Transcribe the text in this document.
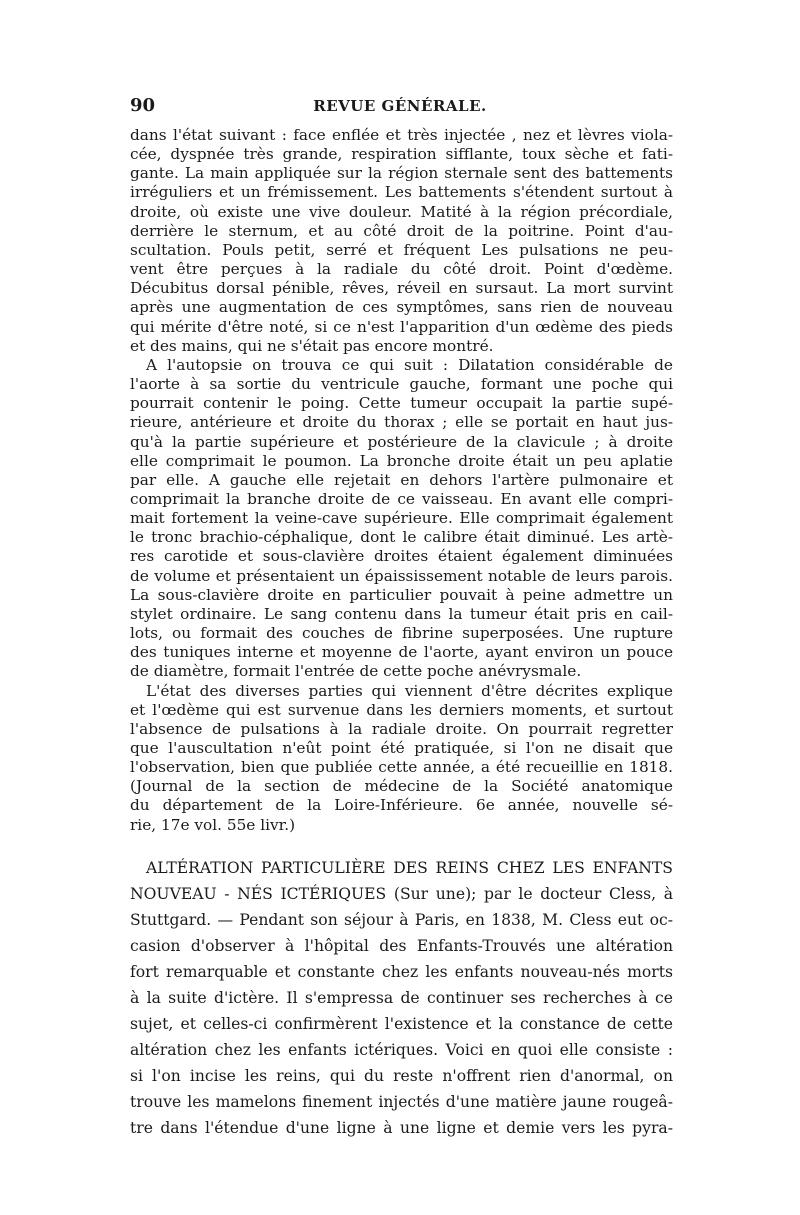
90	REVUE GÉNÉRALE.
dans l'état suivant : face enflée et très injectée , nez et lèvres viola-
cée, dyspnée très grande, respiration sifflante, toux sèche et fati-
gante. La main appliquée sur la région sternale sent des battements
irréguliers et un frémissement. Les battements s'étendent surtout à
droite, où existe une vive douleur. Matité à la région précordiale,
derrière le sternum, et au côté droit de la poitrine. Point d'au-
scultation. Pouls petit, serré et fréquent Les pulsations ne peu-
vent être perçues à la radiale du côté droit. Point d'œdème.
Décubitus dorsal pénible, rêves, réveil en sursaut. La mort survint
après une augmentation de ces symptômes, sans rien de nouveau
qui mérite d'être noté, si ce n'est l'apparition d'un œdème des pieds
et des mains, qui ne s'était pas encore montré.
A l'autopsie on trouva ce qui suit : Dilatation considérable de
l'aorte à sa sortie du ventricule gauche, formant une poche qui
pourrait contenir le poing. Cette tumeur occupait la partie supé-
rieure, antérieure et droite du thorax ; elle se portait en haut jus-
qu'à la partie supérieure et postérieure de la clavicule ; à droite
elle comprimait le poumon. La bronche droite était un peu aplatie
par elle. A gauche elle rejetait en dehors l'artère pulmonaire et
comprimait la branche droite de ce vaisseau. En avant elle compri-
mait fortement la veine-cave supérieure. Elle comprimait également
le tronc brachio-céphalique, dont le calibre était diminué. Les artè-
res carotide et sous-clavière droites étaient également diminuées
de volume et présentaient un épaississement notable de leurs parois.
La sous-clavière droite en particulier pouvait à peine admettre un
stylet ordinaire. Le sang contenu dans la tumeur était pris en cail-
lots, ou formait des couches de fibrine superposées. Une rupture
des tuniques interne et moyenne de l'aorte, ayant environ un pouce
de diamètre, formait l'entrée de cette poche anévrysmale.
L'état des diverses parties qui viennent d'être décrites explique
et l'œdème qui est survenue dans les derniers moments, et surtout
l'absence de pulsations à la radiale droite. On pourrait regretter
que l'auscultation n'eût point été pratiquée, si l'on ne disait que
l'observation, bien que publiée cette année, a été recueillie en 1818.
(Journal de la section de médecine de la Société anatomique
du département de la Loire-Inférieure. 6e année, nouvelle sé-
rie, 17e vol. 55e livr.)
ALTÉRATION PARTICULIÈRE DES REINS CHEZ LES ENFANTS
NOUVEAU - NÉS ICTÉRIQUES (Sur une); par le docteur Cless, à
Stuttgard. — Pendant son séjour à Paris, en 1838, M. Cless eut oc-
casion d'observer à l'hôpital des Enfants-Trouvés une altération
fort remarquable et constante chez les enfants nouveau-nés morts
à la suite d'ictère. Il s'empressa de continuer ses recherches à ce
sujet, et celles-ci confirmèrent l'existence et la constance de cette
altération chez les enfants ictériques. Voici en quoi elle consiste :
si l'on incise les reins, qui du reste n'offrent rien d'anormal, on
trouve les mamelons finement injectés d'une matière jaune rougeâ-
tre dans l'étendue d'une ligne à une ligne et demie vers les pyra-
